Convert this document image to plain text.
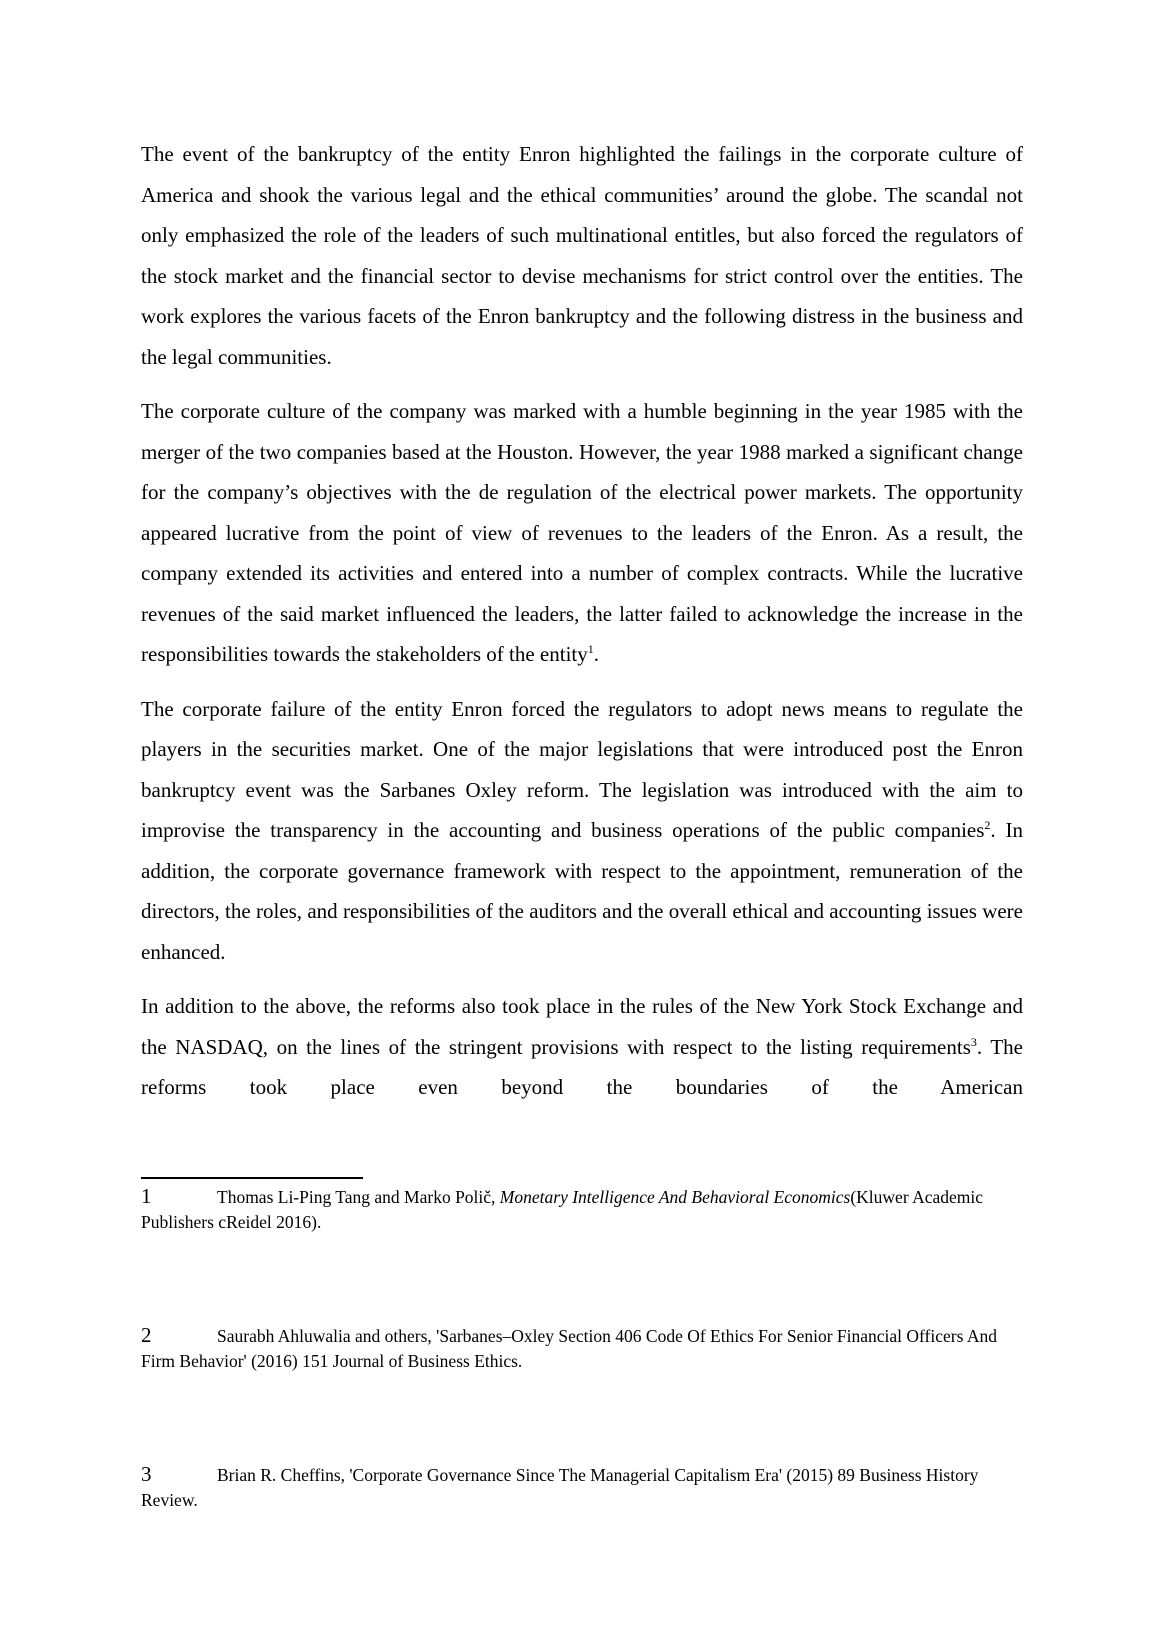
The event of the bankruptcy of the entity Enron highlighted the failings in the corporate culture of America and shook the various legal and the ethical communities’ around the globe. The scandal not only emphasized the role of the leaders of such multinational entitles, but also forced the regulators of the stock market and the financial sector to devise mechanisms for strict control over the entities. The work explores the various facets of the Enron bankruptcy and the following distress in the business and the legal communities.

The corporate culture of the company was marked with a humble beginning in the year 1985 with the merger of the two companies based at the Houston. However, the year 1988 marked a significant change for the company’s objectives with the de regulation of the electrical power markets. The opportunity appeared lucrative from the point of view of revenues to the leaders of the Enron. As a result, the company extended its activities and entered into a number of complex contracts. While the lucrative revenues of the said market influenced the leaders, the latter failed to acknowledge the increase in the responsibilities towards the stakeholders of the entity$^1$.

The corporate failure of the entity Enron forced the regulators to adopt news means to regulate the players in the securities market. One of the major legislations that were introduced post the Enron bankruptcy event was the Sarbanes Oxley reform. The legislation was introduced with the aim to improvise the transparency in the accounting and business operations of the public companies$^2$. In addition, the corporate governance framework with respect to the appointment, remuneration of the directors, the roles, and responsibilities of the auditors and the overall ethical and accounting issues were enhanced.

In addition to the above, the reforms also took place in the rules of the New York Stock Exchange and the NASDAQ, on the lines of the stringent provisions with respect to the listing requirements$^3$. The reforms took place even beyond the boundaries of the American

1	Thomas Li-Ping Tang and Marko Polič, Monetary Intelligence And Behavioral Economics(Kluwer Academic Publishers cReidel 2016).

2	Saurabh Ahluwalia and others, 'Sarbanes–Oxley Section 406 Code Of Ethics For Senior Financial Officers And Firm Behavior' (2016) 151 Journal of Business Ethics.

3	Brian R. Cheffins, 'Corporate Governance Since The Managerial Capitalism Era' (2015) 89 Business History Review.
